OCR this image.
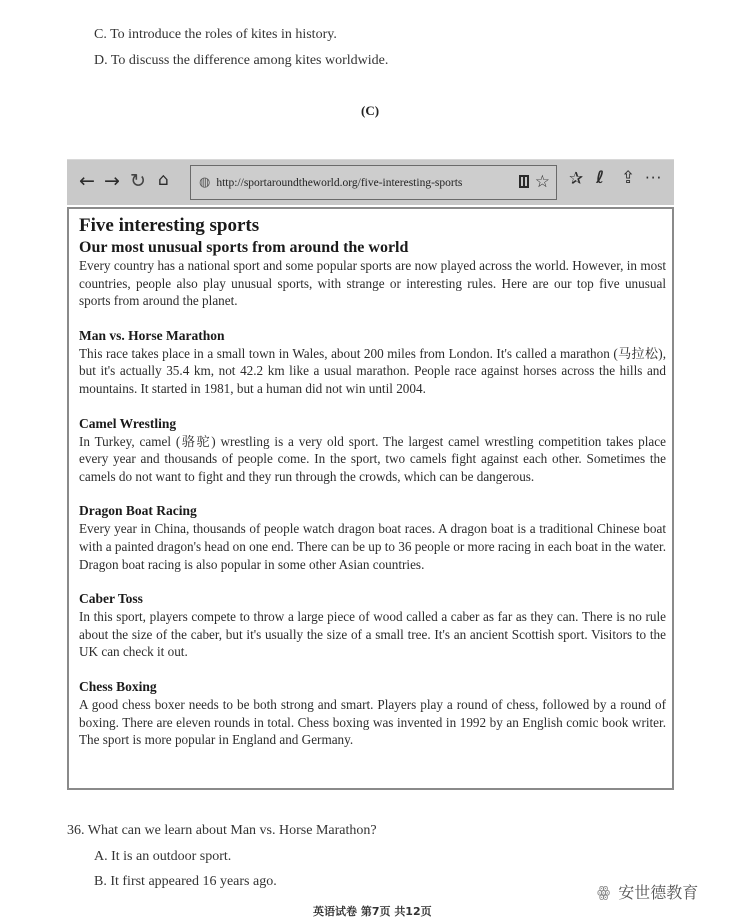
C. To introduce the roles of kites in history.
D. To discuss the difference among kites worldwide.
(C)
← → ↻ ⌂ ◍ http://sportaroundtheworld.org/five-interesting-sports	☆ ✰ ℓ ⇪ ···
Five interesting sports
Our most unusual sports from around the world
Every country has a national sport and some popular sports are now played across the world. However, in most countries, people also play unusual sports, with strange or interesting rules. Here are our top five unusual sports from around the planet.
Man vs. Horse Marathon
This race takes place in a small town in Wales, about 200 miles from London. It's called a marathon (马拉松), but it's actually 35.4 km, not 42.2 km like a usual marathon. People race against horses across the hills and mountains. It started in 1981, but a human did not win until 2004.
Camel Wrestling
In Turkey, camel (骆驼) wrestling is a very old sport. The largest camel wrestling competition takes place every year and thousands of people come. In the sport, two camels fight against each other. Sometimes the camels do not want to fight and they run through the crowds, which can be dangerous.
Dragon Boat Racing
Every year in China, thousands of people watch dragon boat races. A dragon boat is a traditional Chinese boat with a painted dragon's head on one end. There can be up to 36 people or more racing in each boat in the water. Dragon boat racing is also popular in some other Asian countries.
Caber Toss
In this sport, players compete to throw a large piece of wood called a caber as far as they can. There is no rule about the size of the caber, but it's usually the size of a small tree. It's an ancient Scottish sport. Visitors to the UK can check it out.
Chess Boxing
A good chess boxer needs to be both strong and smart. Players play a round of chess, followed by a round of boxing. There are eleven rounds in total. Chess boxing was invented in 1992 by an English comic book writer. The sport is more popular in England and Germany.
36. What can we learn about Man vs. Horse Marathon?
A. It is an outdoor sport.
B. It first appeared 16 years ago.
ꙮ 安世德教育
英语试卷 第7页 共12页
